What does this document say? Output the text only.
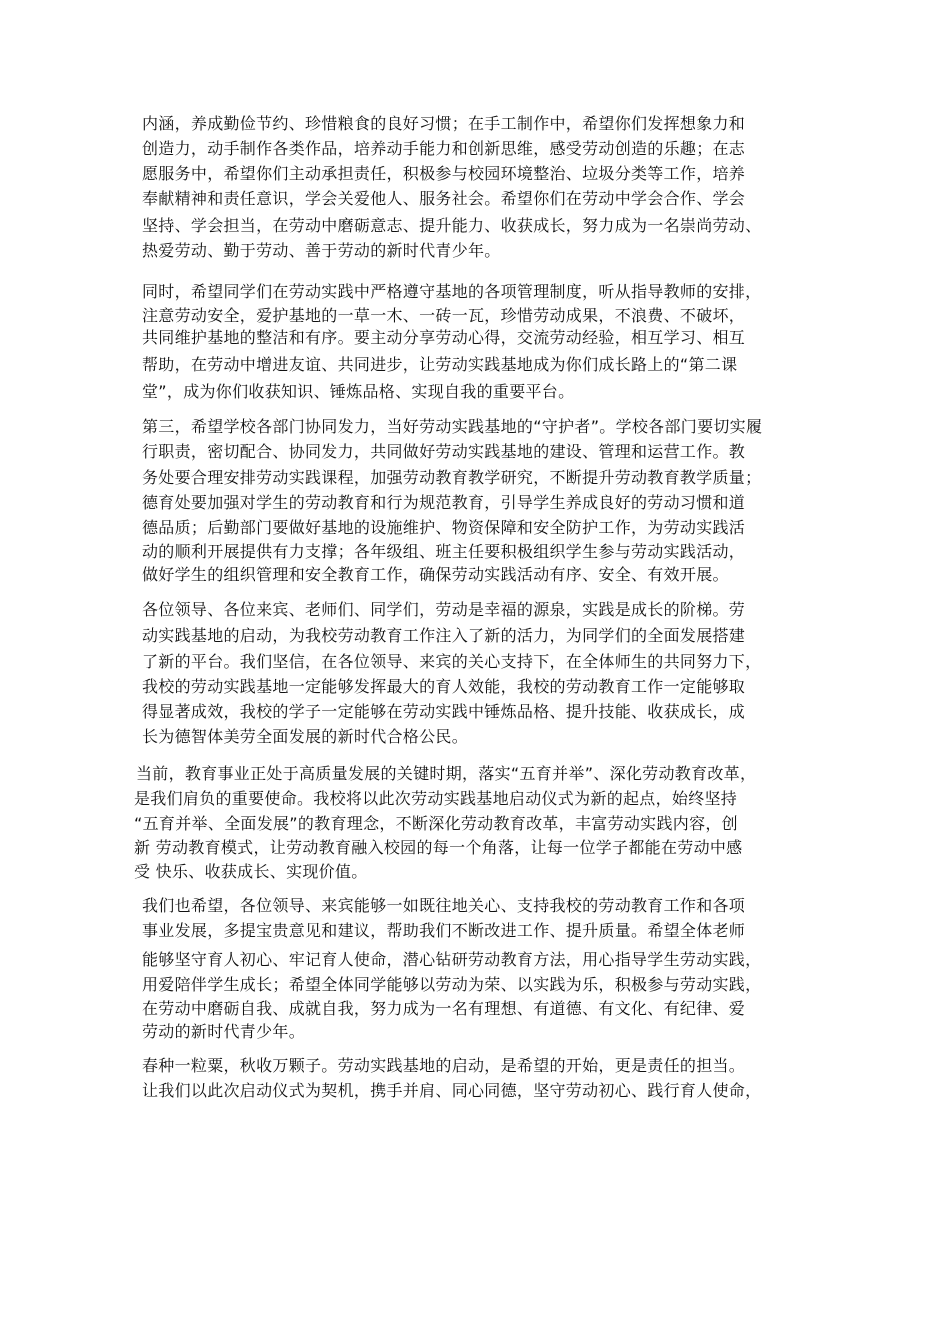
内涵，养成勤俭节约、珍惜粮食的良好习惯；在手工制作中，希望你们发挥想象力和
创造力，动手制作各类作品，培养动手能力和创新思维，感受劳动创造的乐趣；在志
愿服务中，希望你们主动承担责任，积极参与校园环境整治、垃圾分类等工作，培养
奉献精神和责任意识，学会关爱他人、服务社会。希望你们在劳动中学会合作、学会
坚持、学会担当，在劳动中磨砺意志、提升能力、收获成长，努力成为一名崇尚劳动、
热爱劳动、勤于劳动、善于劳动的新时代青少年。
同时，希望同学们在劳动实践中严格遵守基地的各项管理制度，听从指导教师的安排，
注意劳动安全，爱护基地的一草一木、一砖一瓦，珍惜劳动成果，不浪费、不破坏，
共同维护基地的整洁和有序。要主动分享劳动心得，交流劳动经验，相互学习、相互
帮助，在劳动中增进友谊、共同进步，让劳动实践基地成为你们成长路上的“第二课
堂”，成为你们收获知识、锤炼品格、实现自我的重要平台。
第三，希望学校各部门协同发力，当好劳动实践基地的“守护者”。学校各部门要切实履
行职责，密切配合、协同发力，共同做好劳动实践基地的建设、管理和运营工作。教
务处要合理安排劳动实践课程，加强劳动教育教学研究，不断提升劳动教育教学质量；
德育处要加强对学生的劳动教育和行为规范教育，引导学生养成良好的劳动习惯和道
德品质；后勤部门要做好基地的设施维护、物资保障和安全防护工作，为劳动实践活
动的顺利开展提供有力支撑；各年级组、班主任要积极组织学生参与劳动实践活动，
做好学生的组织管理和安全教育工作，确保劳动实践活动有序、安全、有效开展。
各位领导、各位来宾、老师们、同学们，劳动是幸福的源泉，实践是成长的阶梯。劳
动实践基地的启动，为我校劳动教育工作注入了新的活力，为同学们的全面发展搭建
了新的平台。我们坚信，在各位领导、来宾的关心支持下，在全体师生的共同努力下，
我校的劳动实践基地一定能够发挥最大的育人效能，我校的劳动教育工作一定能够取
得显著成效，我校的学子一定能够在劳动实践中锤炼品格、提升技能、收获成长，成
长为德智体美劳全面发展的新时代合格公民。
当前，教育事业正处于高质量发展的关键时期，落实“五育并举”、深化劳动教育改革，
是我们肩负的重要使命。我校将以此次劳动实践基地启动仪式为新的起点，始终坚持
“五育并举、全面发展”的教育理念，不断深化劳动教育改革，丰富劳动实践内容，创
新 劳动教育模式，让劳动教育融入校园的每一个角落，让每一位学子都能在劳动中感
受 快乐、收获成长、实现价值。
我们也希望，各位领导、来宾能够一如既往地关心、支持我校的劳动教育工作和各项
事业发展，多提宝贵意见和建议，帮助我们不断改进工作、提升质量。希望全体老师
能够坚守育人初心、牢记育人使命，潜心钻研劳动教育方法，用心指导学生劳动实践，
用爱陪伴学生成长；希望全体同学能够以劳动为荣、以实践为乐，积极参与劳动实践，
在劳动中磨砺自我、成就自我，努力成为一名有理想、有道德、有文化、有纪律、爱
劳动的新时代青少年。
春种一粒粟，秋收万颗子。劳动实践基地的启动，是希望的开始，更是责任的担当。
让我们以此次启动仪式为契机，携手并肩、同心同德，坚守劳动初心、践行育人使命，
